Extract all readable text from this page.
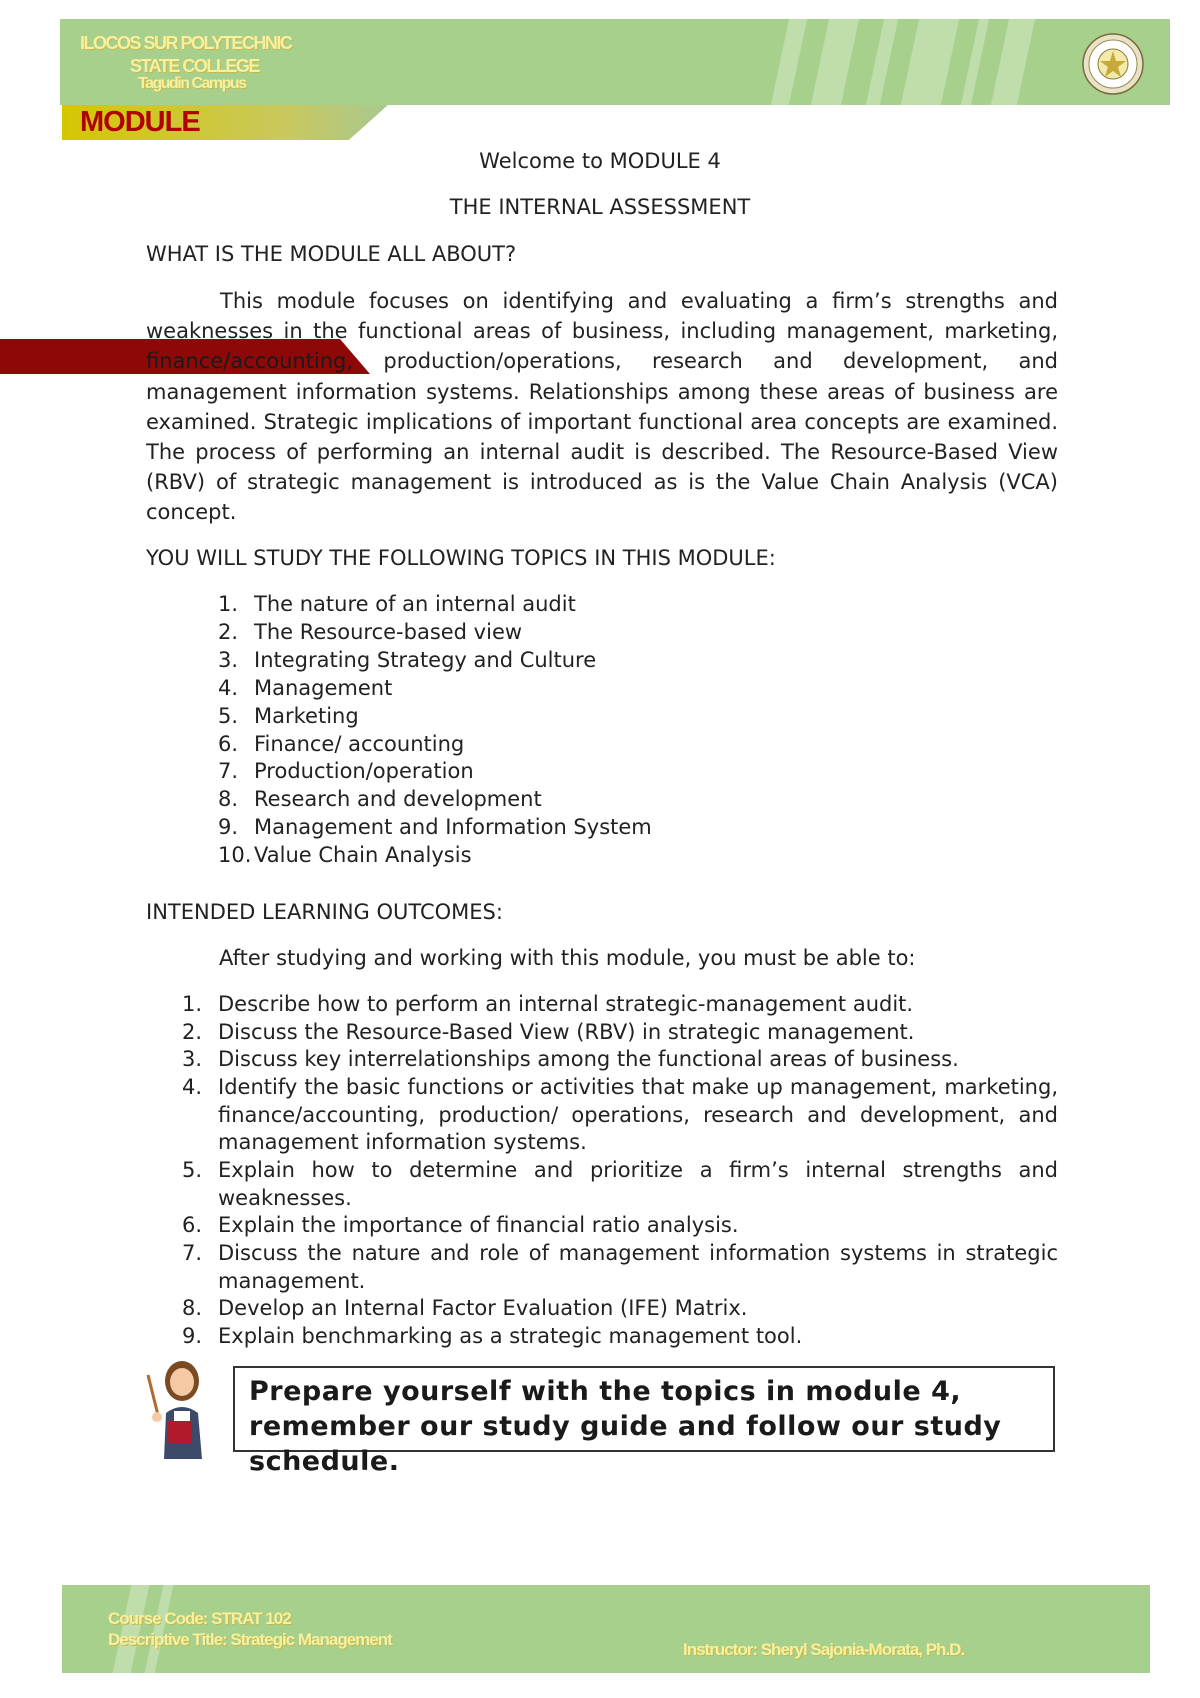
ILOCOS SUR POLYTECHNIC
STATE COLLEGE
Tagudin Campus
MODULE
Welcome to MODULE 4
THE INTERNAL ASSESSMENT
WHAT IS THE MODULE ALL ABOUT?
This module focuses on identifying and evaluating a firm’s strengths and weaknesses in the functional areas of business, including management, marketing, finance/accounting, production/operations, research and development, and management information systems. Relationships among these areas of business are examined. Strategic implications of important functional area concepts are examined. The process of performing an internal audit is described. The Resource-Based View (RBV) of strategic management is introduced as is the Value Chain Analysis (VCA) concept.
YOU WILL STUDY THE FOLLOWING TOPICS IN THIS MODULE:
1. The nature of an internal audit
2. The Resource-based view
3. Integrating Strategy and Culture
4. Management
5. Marketing
6. Finance/ accounting
7. Production/operation
8. Research and development
9. Management and Information System
10. Value Chain Analysis
INTENDED LEARNING OUTCOMES:
After studying and working with this module, you must be able to:
1. Describe how to perform an internal strategic-management audit.
2. Discuss the Resource-Based View (RBV) in strategic management.
3. Discuss key interrelationships among the functional areas of business.
4. Identify the basic functions or activities that make up management, marketing, finance/accounting, production/ operations, research and development, and management information systems.
5. Explain how to determine and prioritize a firm’s internal strengths and weaknesses.
6. Explain the importance of financial ratio analysis.
7. Discuss the nature and role of management information systems in strategic management.
8. Develop an Internal Factor Evaluation (IFE) Matrix.
9. Explain benchmarking as a strategic management tool.
Prepare yourself with the topics in module 4, remember our study guide and follow our study schedule.
Course Code: STRAT 102
Descriptive Title: Strategic Management
Instructor: Sheryl Sajonia-Morata, Ph.D.
